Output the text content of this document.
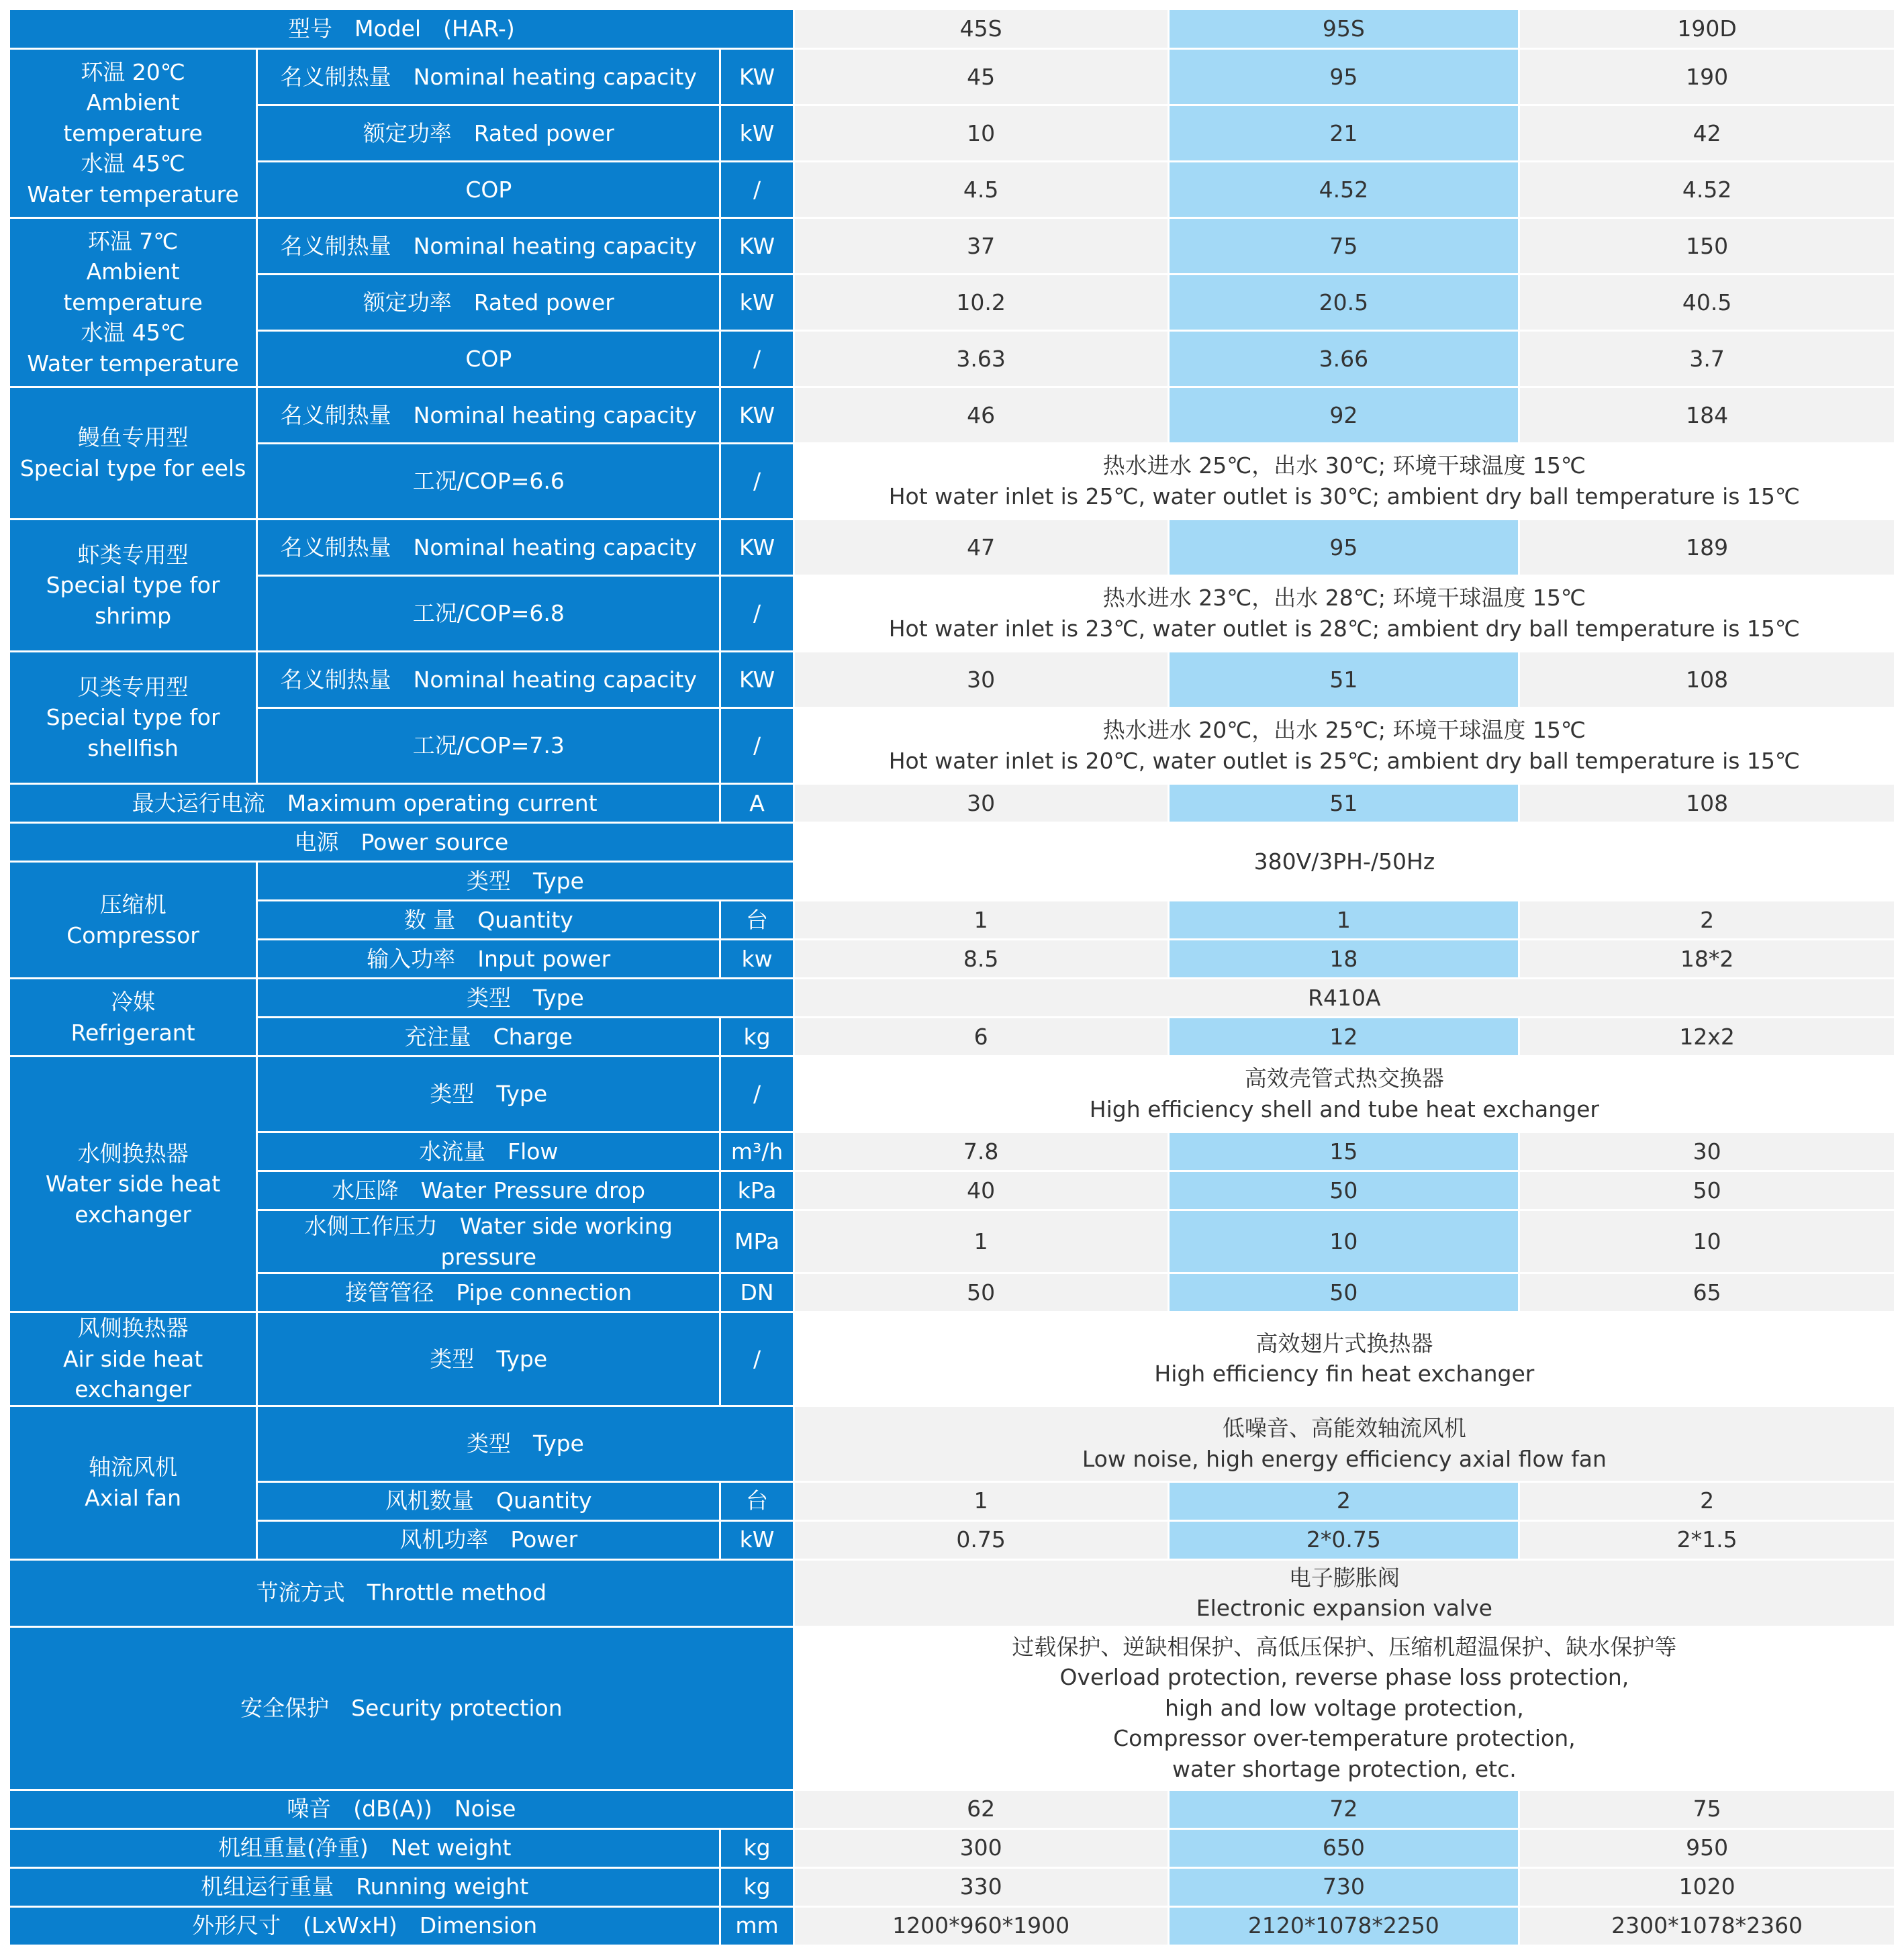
型号　Model　(HAR-)			45S	95S	190D
环温 20℃
Ambient temperature
水温 45℃
Water temperature	名义制热量　Nominal heating capacity	KW	45	95	190
	额定功率　Rated power	kW	10	21	42
	COP	/	4.5	4.52	4.52
环温 7℃
Ambient temperature
水温 45℃
Water temperature	名义制热量　Nominal heating capacity	KW	37	75	150
	额定功率　Rated power	kW	10.2	20.5	40.5
	COP	/	3.63	3.66	3.7
鳗鱼专用型
Special type for eels	名义制热量　Nominal heating capacity	KW	46	92	184
	工况/COP=6.6	/	热水进水 25℃，出水 30℃; 环境干球温度 15℃
Hot water inlet is 25℃, water outlet is 30℃; ambient dry ball temperature is 15℃		
虾类专用型
Special type for shrimp	名义制热量　Nominal heating capacity	KW	47	95	189
	工况/COP=6.8	/	热水进水 23℃，出水 28℃; 环境干球温度 15℃
Hot water inlet is 23℃, water outlet is 28℃; ambient dry ball temperature is 15℃		
贝类专用型
Special type for
shellfish	名义制热量　Nominal heating capacity	KW	30	51	108
	工况/COP=7.3	/	热水进水 20℃，出水 25℃; 环境干球温度 15℃
Hot water inlet is 20℃, water outlet is 25℃; ambient dry ball temperature is 15℃		
最大运行电流　Maximum operating current		A	30	51	108
电源　Power source			380V/3PH-/50Hz		
压缩机
Compressor	类型　Type				
	数 量　Quantity	台	1	1	2
	输入功率　Input power	kw	8.5	18	18*2
冷媒
Refrigerant	类型　Type		R410A		
	充注量　Charge	kg	6	12	12x2
水侧换热器
Water side heat
exchanger	类型　Type	/	高效壳管式热交换器
High efficiency shell and tube heat exchanger		
	水流量　Flow	m³/h	7.8	15	30
	水压降　Water Pressure drop	kPa	40	50	50
	水侧工作压力　Water side working pressure	MPa	1	10	10
	接管管径　Pipe connection	DN	50	50	65
风侧换热器
Air side heat exchanger	类型　Type	/	高效翅片式换热器
High efficiency fin heat exchanger		
轴流风机
Axial fan	类型　Type		低噪音、高能效轴流风机
Low noise, high energy efficiency axial flow fan		
	风机数量　Quantity	台	1	2	2
	风机功率　Power	kW	0.75	2*0.75	2*1.5
节流方式　Throttle method			电子膨胀阀
Electronic expansion valve		
安全保护　Security protection			过载保护、逆缺相保护、高低压保护、压缩机超温保护、缺水保护等
Overload protection, reverse phase loss protection,
high and low voltage protection,
Compressor over-temperature protection,
water shortage protection, etc.		
噪音　(dB(A))　Noise			62	72	75
机组重量(净重)　Net weight		kg	300	650	950
机组运行重量　Running weight		kg	330	730	1020
外形尺寸　(LxWxH)　Dimension		mm	1200*960*1900	2120*1078*2250	2300*1078*2360
